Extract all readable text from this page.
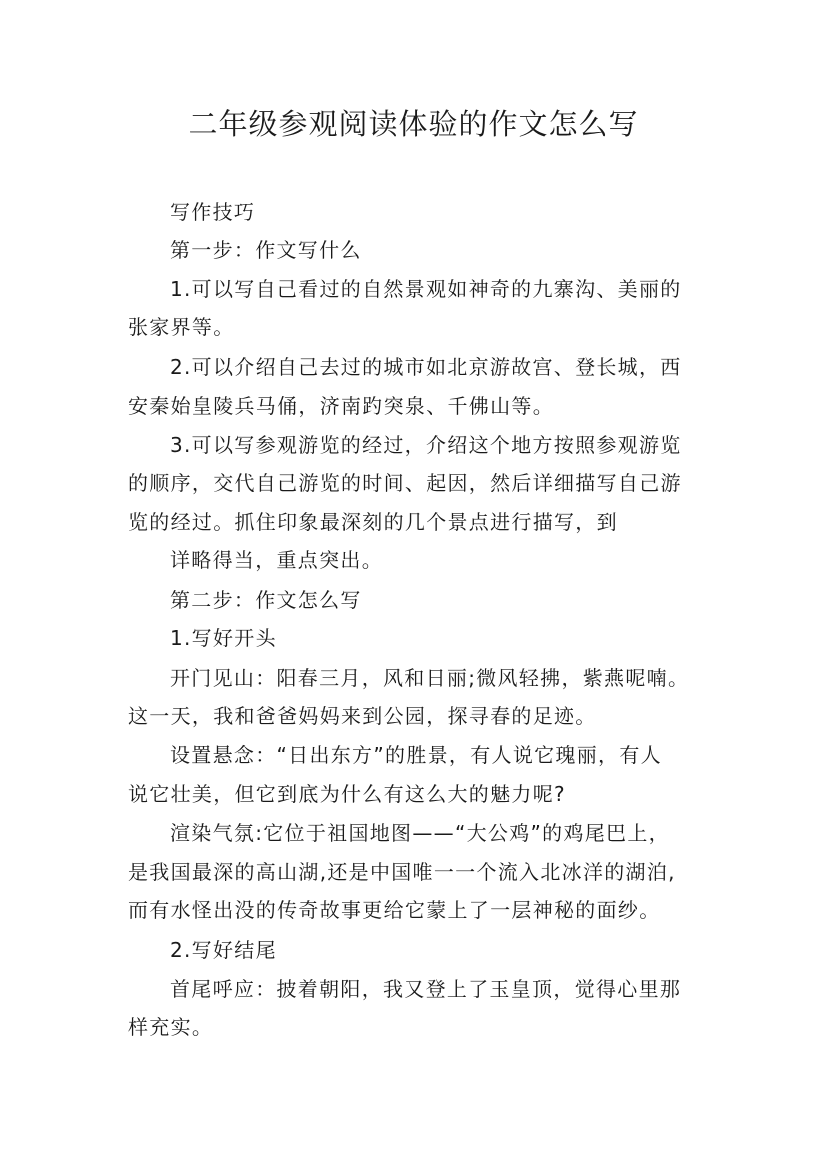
二年级参观阅读体验的作文怎么写

写作技巧

第一步：作文写什么

1.可以写自己看过的自然景观如神奇的九寨沟、美丽的

张家界等。

2.可以介绍自己去过的城市如北京游故宫、登长城，西

安秦始皇陵兵马俑，济南趵突泉、千佛山等。

3.可以写参观游览的经过，介绍这个地方按照参观游览

的顺序，交代自己游览的时间、起因，然后详细描写自己游

览的经过。抓住印象最深刻的几个景点进行描写，到

详略得当，重点突出。

第二步：作文怎么写

1.写好开头

开门见山：阳春三月，风和日丽;微风轻拂，紫燕呢喃。

这一天，我和爸爸妈妈来到公园，探寻春的足迹。

设置悬念：“日出东方”的胜景，有人说它瑰丽，有人

说它壮美，但它到底为什么有这么大的魅力呢?

渲染气氛:它位于祖国地图——“大公鸡”的鸡尾巴上，

是我国最深的高山湖,还是中国唯一一个流入北冰洋的湖泊,

而有水怪出没的传奇故事更给它蒙上了一层神秘的面纱。

2.写好结尾

首尾呼应：披着朝阳，我又登上了玉皇顶，觉得心里那

样充实。
